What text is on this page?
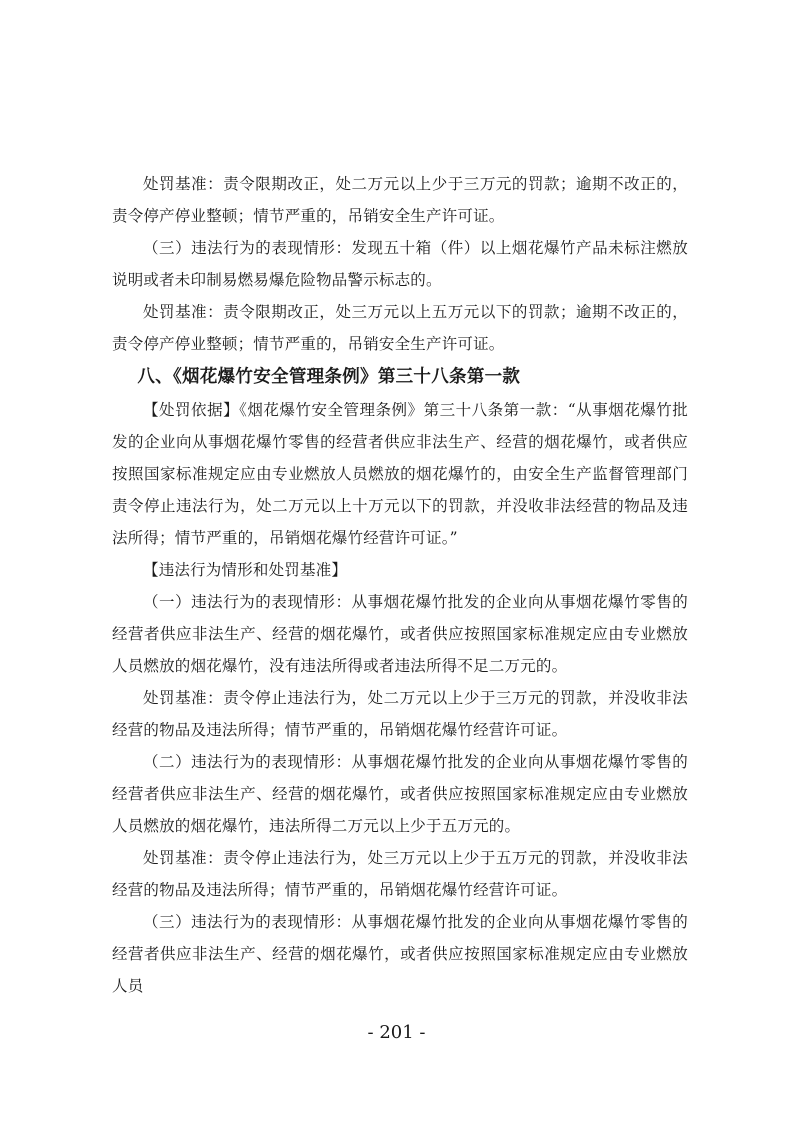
处罚基准：责令限期改正，处二万元以上少于三万元的罚款；逾期不改正的，责令停产停业整顿；情节严重的，吊销安全生产许可证。

（三）违法行为的表现情形：发现五十箱（件）以上烟花爆竹产品未标注燃放说明或者未印制易燃易爆危险物品警示标志的。

处罚基准：责令限期改正，处三万元以上五万元以下的罚款；逾期不改正的，责令停产停业整顿；情节严重的，吊销安全生产许可证。

八、《烟花爆竹安全管理条例》第三十八条第一款

【处罚依据】《烟花爆竹安全管理条例》第三十八条第一款：“从事烟花爆竹批发的企业向从事烟花爆竹零售的经营者供应非法生产、经营的烟花爆竹，或者供应按照国家标准规定应由专业燃放人员燃放的烟花爆竹的，由安全生产监督管理部门责令停止违法行为，处二万元以上十万元以下的罚款，并没收非法经营的物品及违法所得；情节严重的，吊销烟花爆竹经营许可证。”

【违法行为情形和处罚基准】

（一）违法行为的表现情形：从事烟花爆竹批发的企业向从事烟花爆竹零售的经营者供应非法生产、经营的烟花爆竹，或者供应按照国家标准规定应由专业燃放人员燃放的烟花爆竹，没有违法所得或者违法所得不足二万元的。

处罚基准：责令停止违法行为，处二万元以上少于三万元的罚款，并没收非法经营的物品及违法所得；情节严重的，吊销烟花爆竹经营许可证。

（二）违法行为的表现情形：从事烟花爆竹批发的企业向从事烟花爆竹零售的经营者供应非法生产、经营的烟花爆竹，或者供应按照国家标准规定应由专业燃放人员燃放的烟花爆竹，违法所得二万元以上少于五万元的。

处罚基准：责令停止违法行为，处三万元以上少于五万元的罚款，并没收非法经营的物品及违法所得；情节严重的，吊销烟花爆竹经营许可证。

（三）违法行为的表现情形：从事烟花爆竹批发的企业向从事烟花爆竹零售的经营者供应非法生产、经营的烟花爆竹，或者供应按照国家标准规定应由专业燃放人员

- 201 -
